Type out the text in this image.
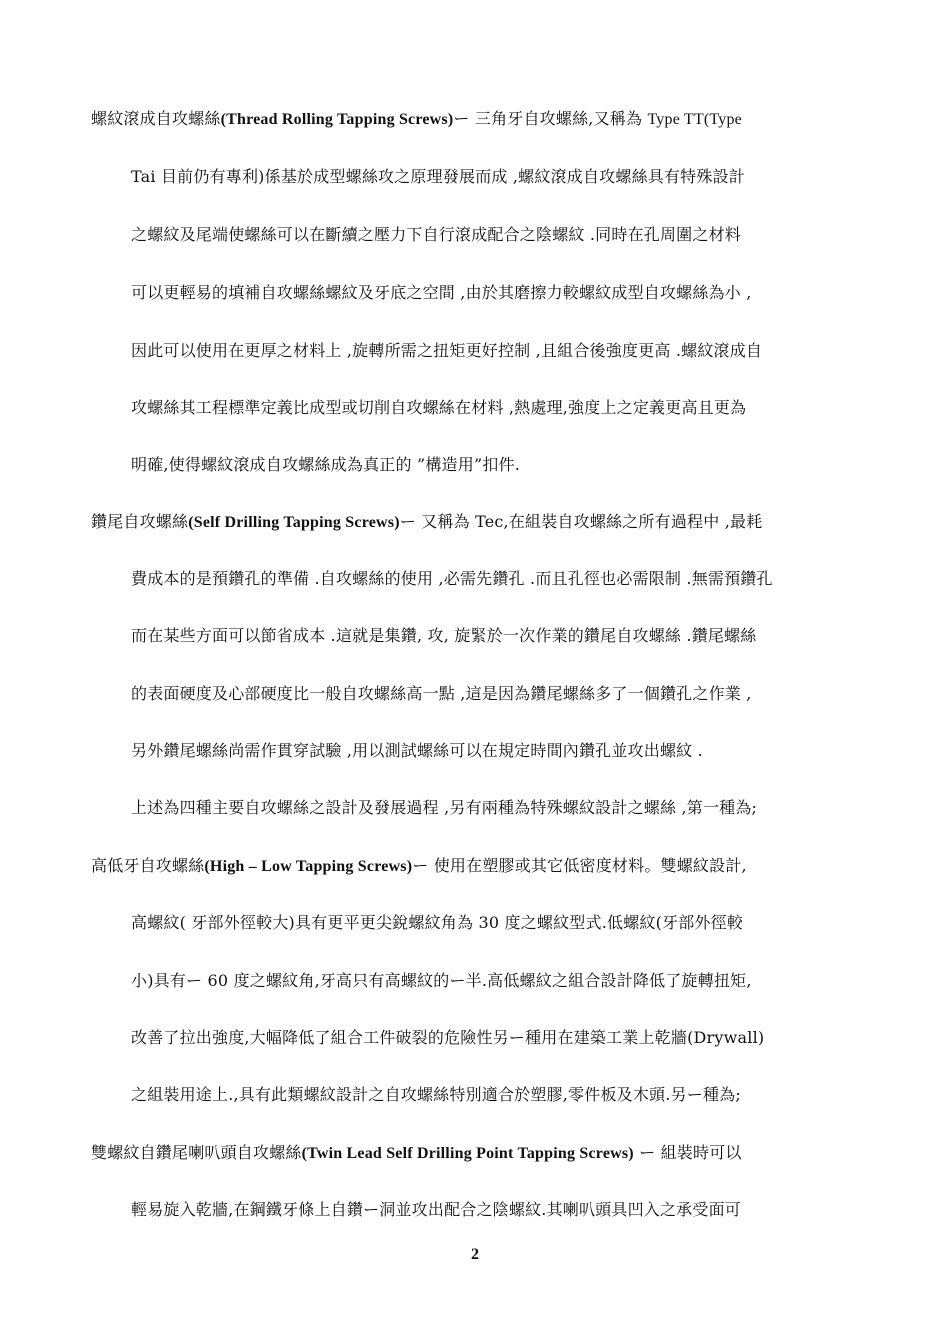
螺紋滾成自攻螺絲(Thread Rolling Tapping Screws)ー 三角牙自攻螺絲,又稱為 Type TT(Type
Tai 目前仍有專利)係基於成型螺絲攻之原理發展而成 ,螺紋滾成自攻螺絲具有特殊設計
之螺紋及尾端使螺絲可以在斷續之壓力下自行滾成配合之陰螺紋 .同時在孔周圍之材料
可以更輕易的填補自攻螺絲螺紋及牙底之空間 ,由於其磨擦力較螺紋成型自攻螺絲為小 ,
因此可以使用在更厚之材料上 ,旋轉所需之扭矩更好控制 ,且組合後強度更高 .螺紋滾成自
攻螺絲其工程標準定義比成型或切削自攻螺絲在材料 ,熱處理,強度上之定義更高且更為
明確,使得螺紋滾成自攻螺絲成為真正的 ”構造用”扣件.
鑽尾自攻螺絲(Self Drilling Tapping Screws)ー 又稱為 Tec,在組裝自攻螺絲之所有過程中 ,最耗
費成本的是預鑽孔的準備 .自攻螺絲的使用 ,必需先鑽孔 .而且孔徑也必需限制 .無需預鑽孔
而在某些方面可以節省成本 .這就是集鑽, 攻, 旋緊於一次作業的鑽尾自攻螺絲 .鑽尾螺絲
的表面硬度及心部硬度比一般自攻螺絲高一點 ,這是因為鑽尾螺絲多了一個鑽孔之作業 ,
另外鑽尾螺絲尚需作貫穿試驗 ,用以測試螺絲可以在規定時間內鑽孔並攻出螺紋 .
上述為四種主要自攻螺絲之設計及發展過程 ,另有兩種為特殊螺紋設計之螺絲 ,第一種為;
高低牙自攻螺絲(High – Low Tapping Screws)ー 使用在塑膠或其它低密度材料。雙螺紋設計,
高螺紋( 牙部外徑較大)具有更平更尖銳螺紋角為 30 度之螺紋型式.低螺紋(牙部外徑較
小)具有ー 60 度之螺紋角,牙高只有高螺紋的ー半.高低螺紋之組合設計降低了旋轉扭矩,
改善了拉出強度,大幅降低了組合工件破裂的危險性另ー種用在建築工業上乾牆(Drywall)
之組裝用途上.,具有此類螺紋設計之自攻螺絲特別適合於塑膠,零件板及木頭.另ー種為;
雙螺紋自鑽尾喇叭頭自攻螺絲(Twin Lead Self Drilling Point Tapping Screws) ー 組裝時可以
輕易旋入乾牆,在鋼鐵牙條上自鑽ー洞並攻出配合之陰螺紋.其喇叭頭具凹入之承受面可
2
